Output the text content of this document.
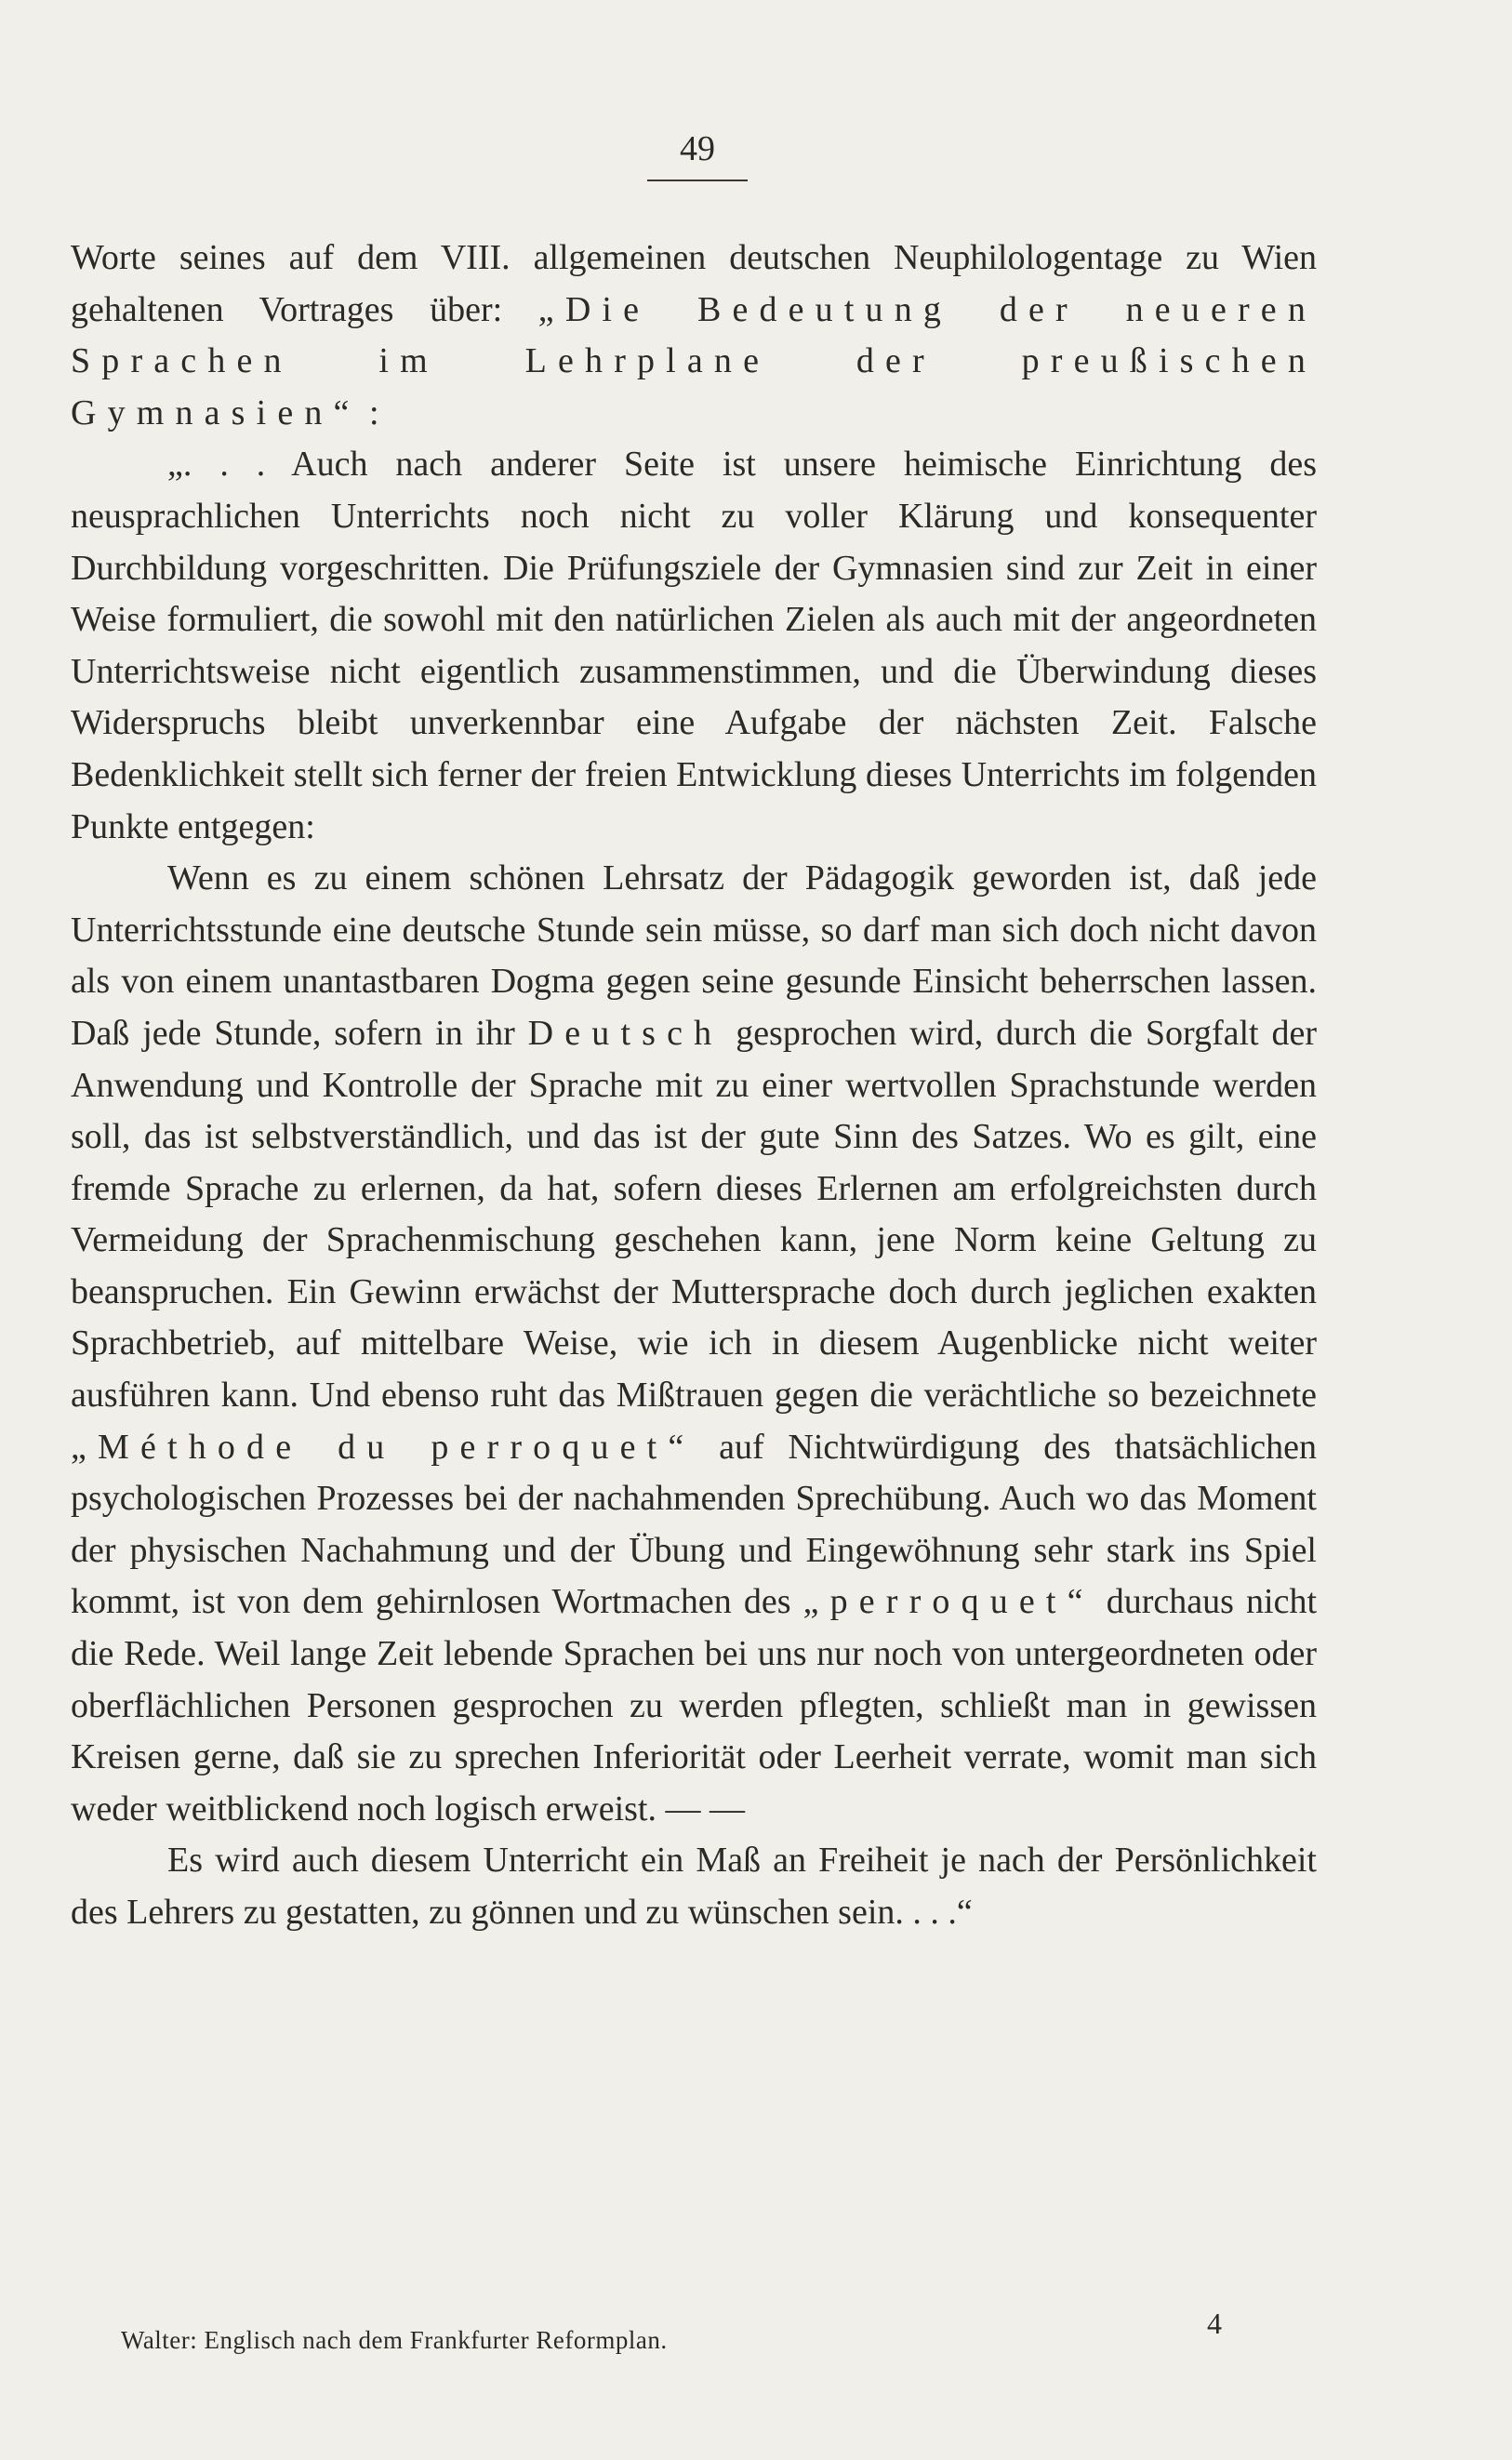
49

Worte seines auf dem VIII. allgemeinen deutschen Neuphilologentage zu Wien gehaltenen Vortrages über: „Die Bedeutung der neueren Sprachen im Lehrplane der preußischen Gymnasien“ :

„. . . Auch nach anderer Seite ist unsere heimische Einrichtung des neusprachlichen Unterrichts noch nicht zu voller Klärung und konsequenter Durchbildung vorgeschritten. Die Prüfungsziele der Gymnasien sind zur Zeit in einer Weise formuliert, die sowohl mit den natürlichen Zielen als auch mit der angeordneten Unterrichtsweise nicht eigentlich zusammenstimmen, und die Überwindung dieses Widerspruchs bleibt unverkennbar eine Aufgabe der nächsten Zeit. Falsche Bedenklichkeit stellt sich ferner der freien Entwicklung dieses Unterrichts im folgenden Punkte entgegen:

Wenn es zu einem schönen Lehrsatz der Pädagogik geworden ist, daß jede Unterrichtsstunde eine deutsche Stunde sein müsse, so darf man sich doch nicht davon als von einem unantastbaren Dogma gegen seine gesunde Einsicht beherrschen lassen. Daß jede Stunde, sofern in ihr Deutsch gesprochen wird, durch die Sorgfalt der Anwendung und Kontrolle der Sprache mit zu einer wertvollen Sprachstunde werden soll, das ist selbstverständlich, und das ist der gute Sinn des Satzes. Wo es gilt, eine fremde Sprache zu erlernen, da hat, sofern dieses Erlernen am erfolgreichsten durch Vermeidung der Sprachenmischung geschehen kann, jene Norm keine Geltung zu beanspruchen. Ein Gewinn erwächst der Muttersprache doch durch jeglichen exakten Sprachbetrieb, auf mittelbare Weise, wie ich in diesem Augenblicke nicht weiter ausführen kann. Und ebenso ruht das Mißtrauen gegen die verächtliche so bezeichnete „Méthode du perroquet“ auf Nichtwürdigung des thatsächlichen psychologischen Prozesses bei der nachahmenden Sprechübung. Auch wo das Moment der physischen Nachahmung und der Übung und Eingewöhnung sehr stark ins Spiel kommt, ist von dem gehirnlosen Wortmachen des „perroquet“ durchaus nicht die Rede. Weil lange Zeit lebende Sprachen bei uns nur noch von untergeordneten oder oberflächlichen Personen gesprochen zu werden pflegten, schließt man in gewissen Kreisen gerne, daß sie zu sprechen Inferiorität oder Leerheit verrate, womit man sich weder weitblickend noch logisch erweist. — —

Es wird auch diesem Unterricht ein Maß an Freiheit je nach der Persönlichkeit des Lehrers zu gestatten, zu gönnen und zu wünschen sein. . . .“

Walter: Englisch nach dem Frankfurter Reformplan.	4
